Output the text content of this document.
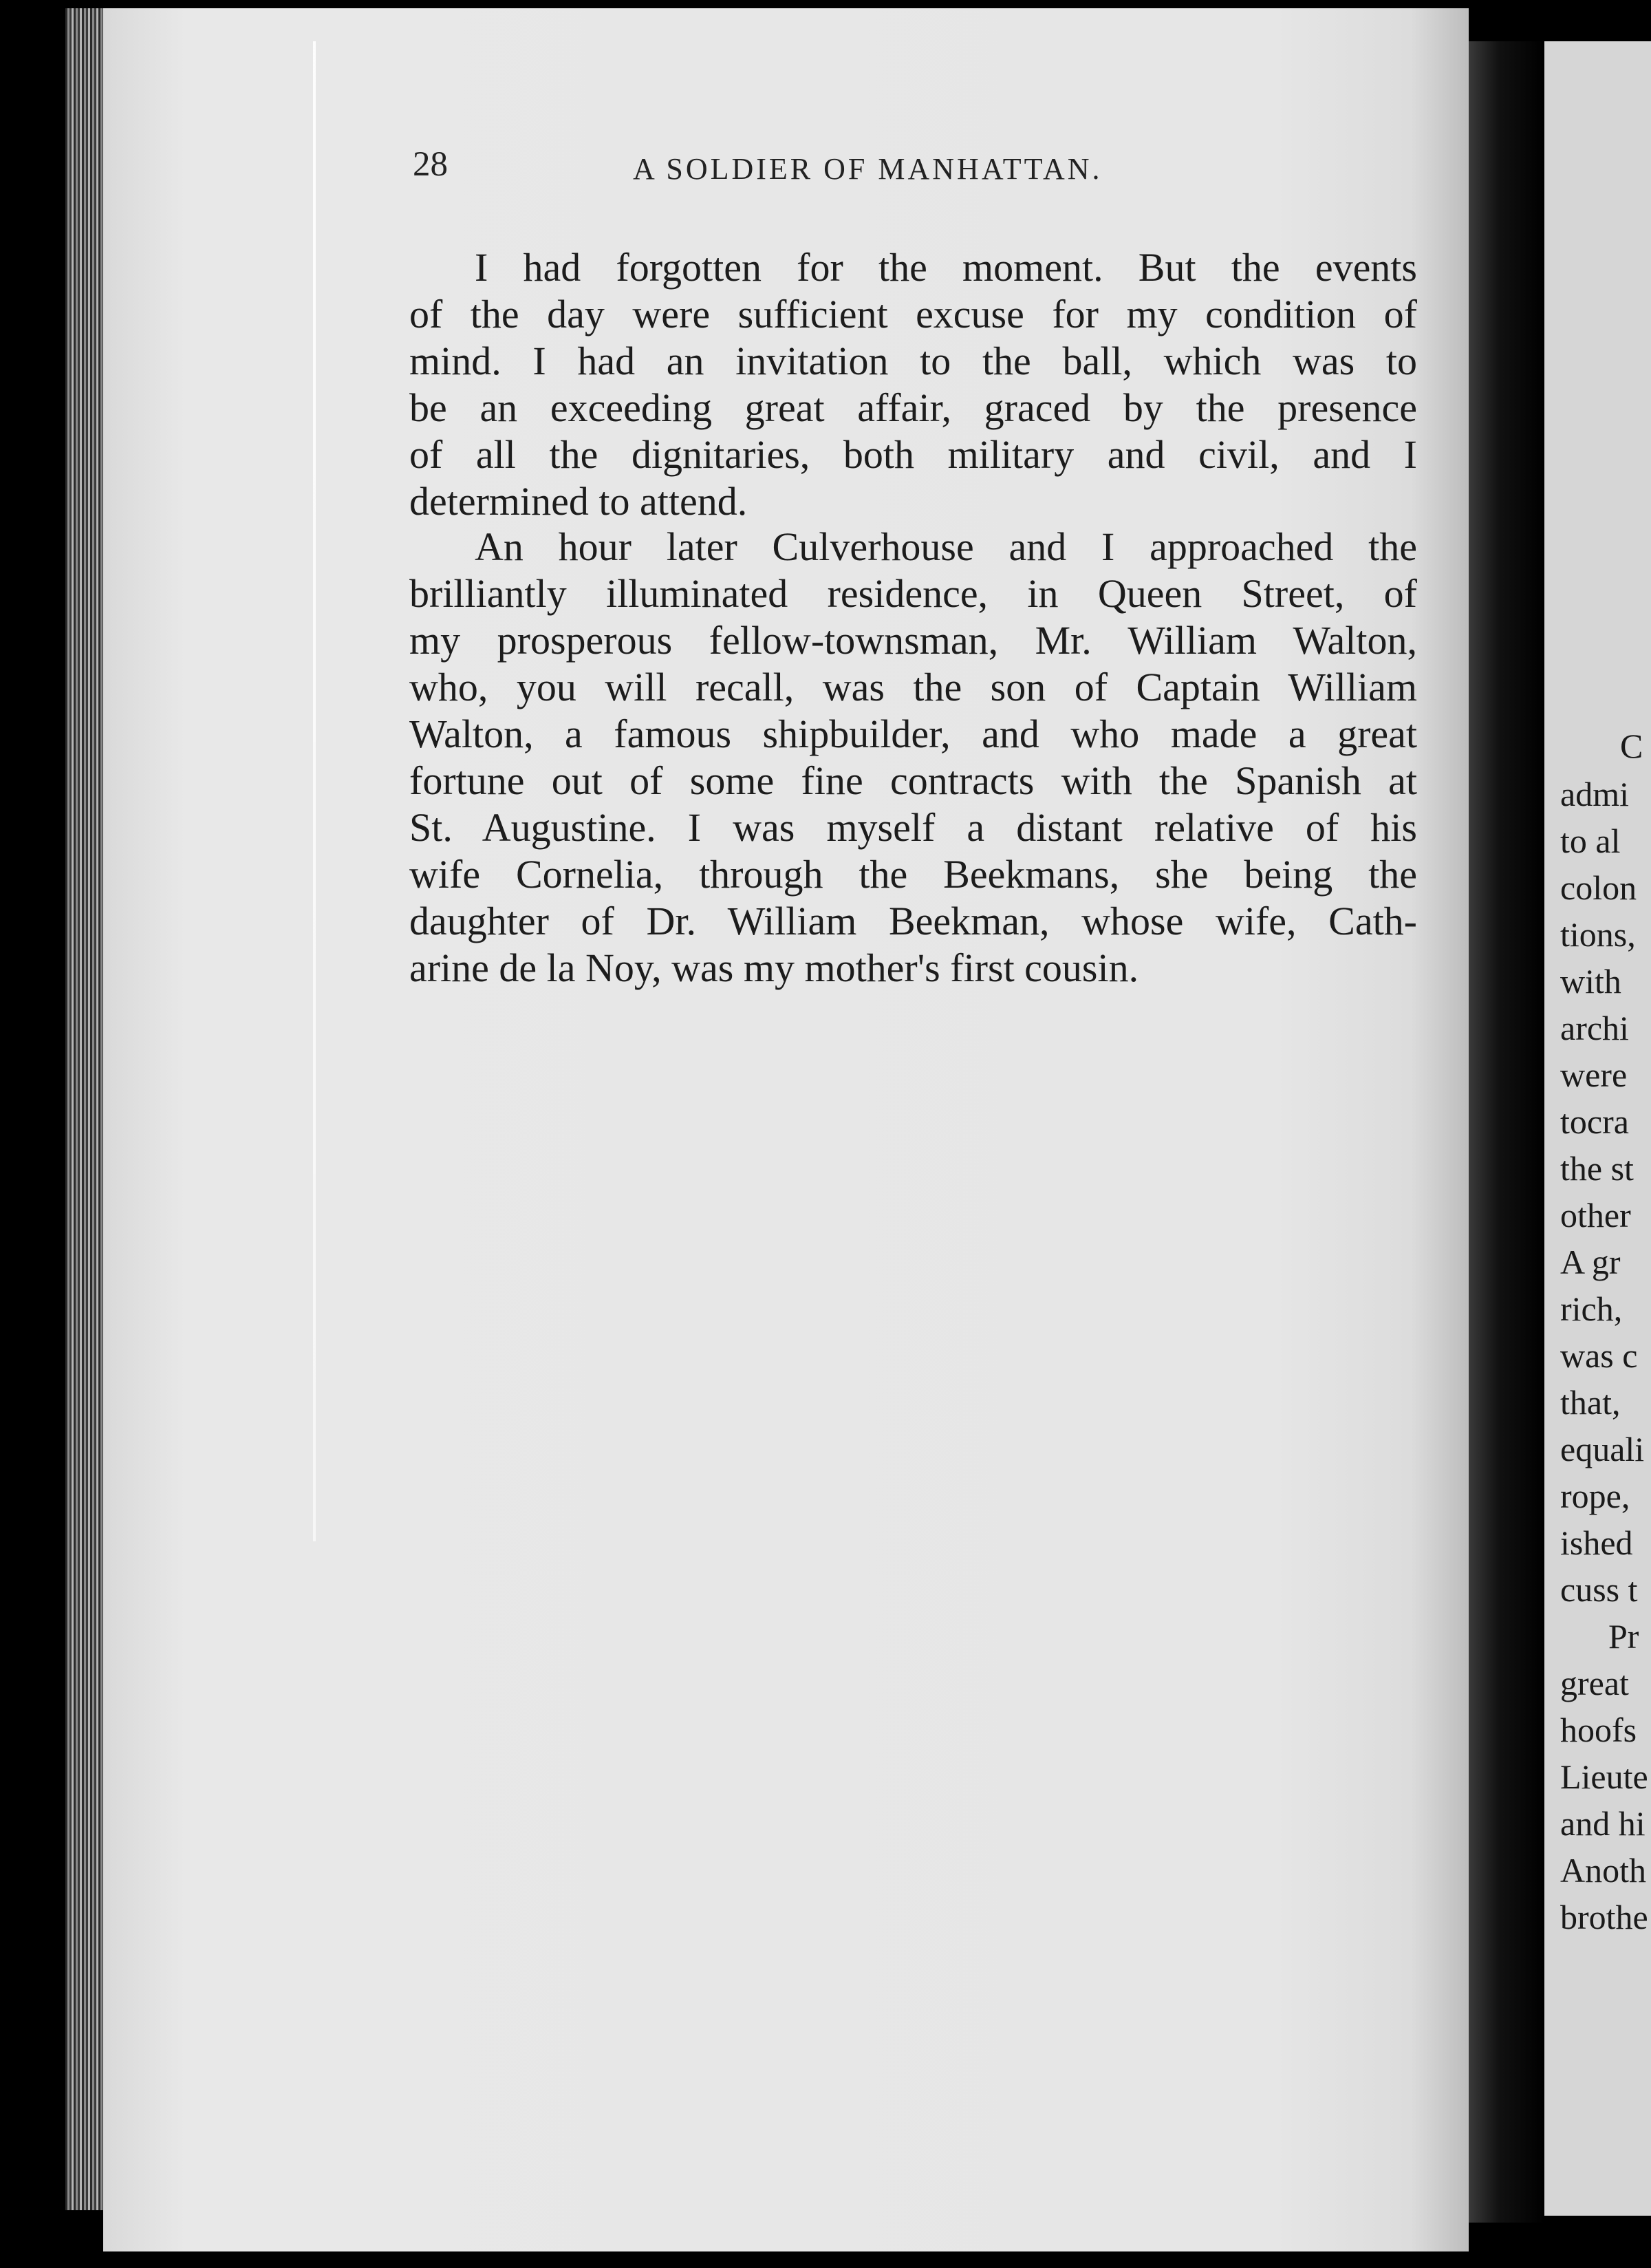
28	A SOLDIER OF MANHATTAN.
I had forgotten for the moment. But the events
of the day were sufficient excuse for my condition of
mind. I had an invitation to the ball, which was to
be an exceeding great affair, graced by the presence
of all the dignitaries, both military and civil, and I
determined to attend.
An hour later Culverhouse and I approached the
brilliantly illuminated residence, in Queen Street, of
my prosperous fellow-townsman, Mr. William Walton,
who, you will recall, was the son of Captain William
Walton, a famous shipbuilder, and who made a great
fortune out of some fine contracts with the Spanish at
St. Augustine. I was myself a distant relative of his
wife Cornelia, through the Beekmans, she being the
daughter of Dr. William Beekman, whose wife, Cath-
arine de la Noy, was my mother's first cousin.
C
admi
to al
colon
tions,
with
archi
were
tocra
the st
other
A gr
rich,
was c
that,
equali
rope,
ished
cuss t
Pr
great
hoofs
Lieute
and hi
Anoth
brothe
